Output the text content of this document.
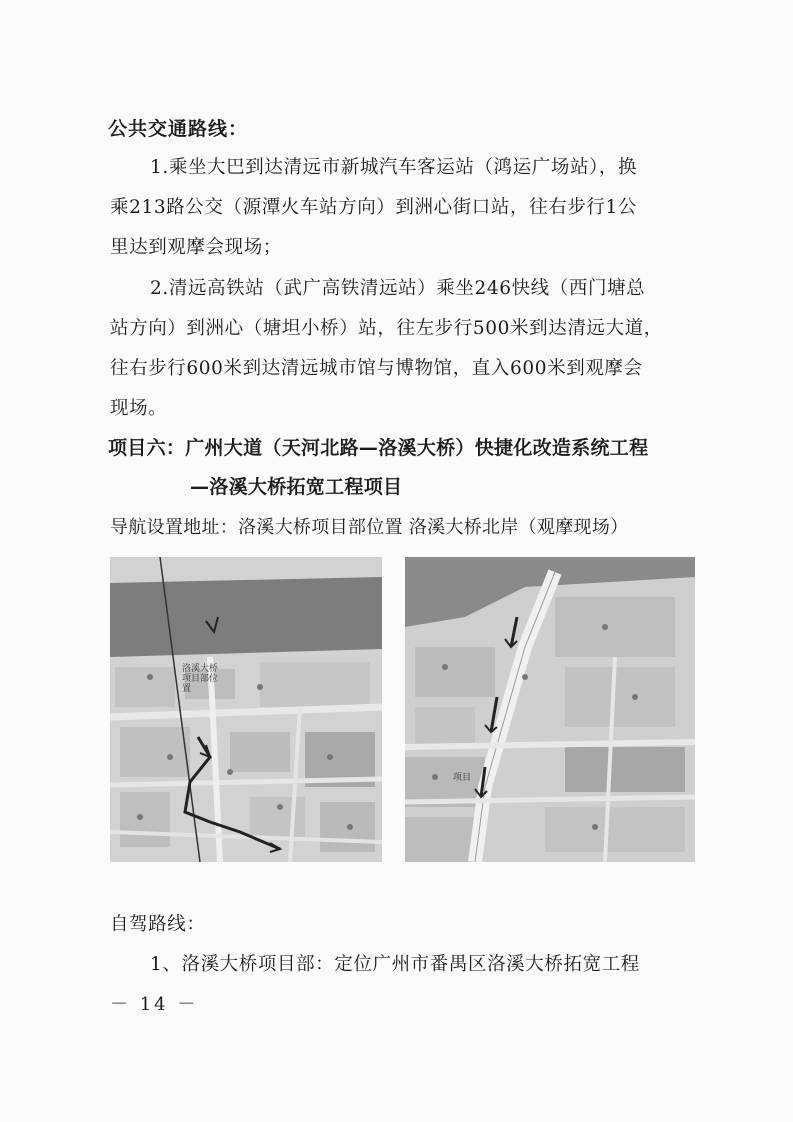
公共交通路线：
1.乘坐大巴到达清远市新城汽车客运站（鸿运广场站），换
乘213路公交（源潭火车站方向）到洲心街口站，往右步行1公
里达到观摩会现场；
2.清远高铁站（武广高铁清远站）乘坐246快线（西门塘总
站方向）到洲心（塘坦小桥）站，往左步行500米到达清远大道，
往右步行600米到达清远城市馆与博物馆，直入600米到观摩会
现场。
项目六：广州大道（天河北路—洛溪大桥）快捷化改造系统工程
—洛溪大桥拓宽工程项目
导航设置地址：洛溪大桥项目部位置 洛溪大桥北岸（观摩现场）
洛溪大桥 项目部位置
项目
自驾路线：
1、洛溪大桥项目部：定位广州市番禺区洛溪大桥拓宽工程
－ 14 －
